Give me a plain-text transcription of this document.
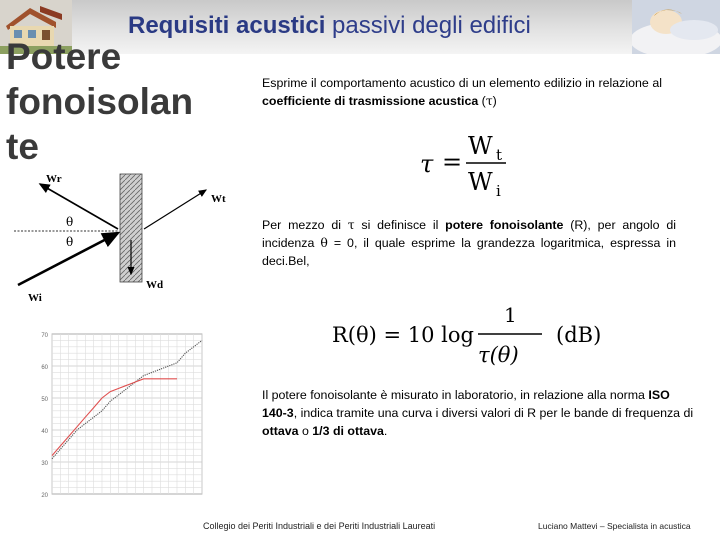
Requisiti acustici passivi degli edifici
Potere
fonoisolan
te
Esprime il comportamento acustico di un elemento edilizio in relazione al coefficiente di trasmissione acustica (τ)
τ =
W t
W i
Wr
Wt
Wi
Wd
θ
θ
Per mezzo di τ si definisce il potere fonoisolante (R), per angolo di incidenza θ = 0, il quale esprime la grandezza logaritmica, espressa in deci.Bel,
R(θ) = 10 log
1
τ(θ)
(dB)
70
60
50
40
30
20
Il potere fonoisolante è misurato in laboratorio, in relazione alla norma ISO 140-3, indica tramite una curva i diversi valori di R per le bande di frequenza di ottava o 1/3 di ottava.
Collegio dei Periti Industriali e dei Periti Industriali Laureati	Luciano Mattevi – Specialista in acustica
